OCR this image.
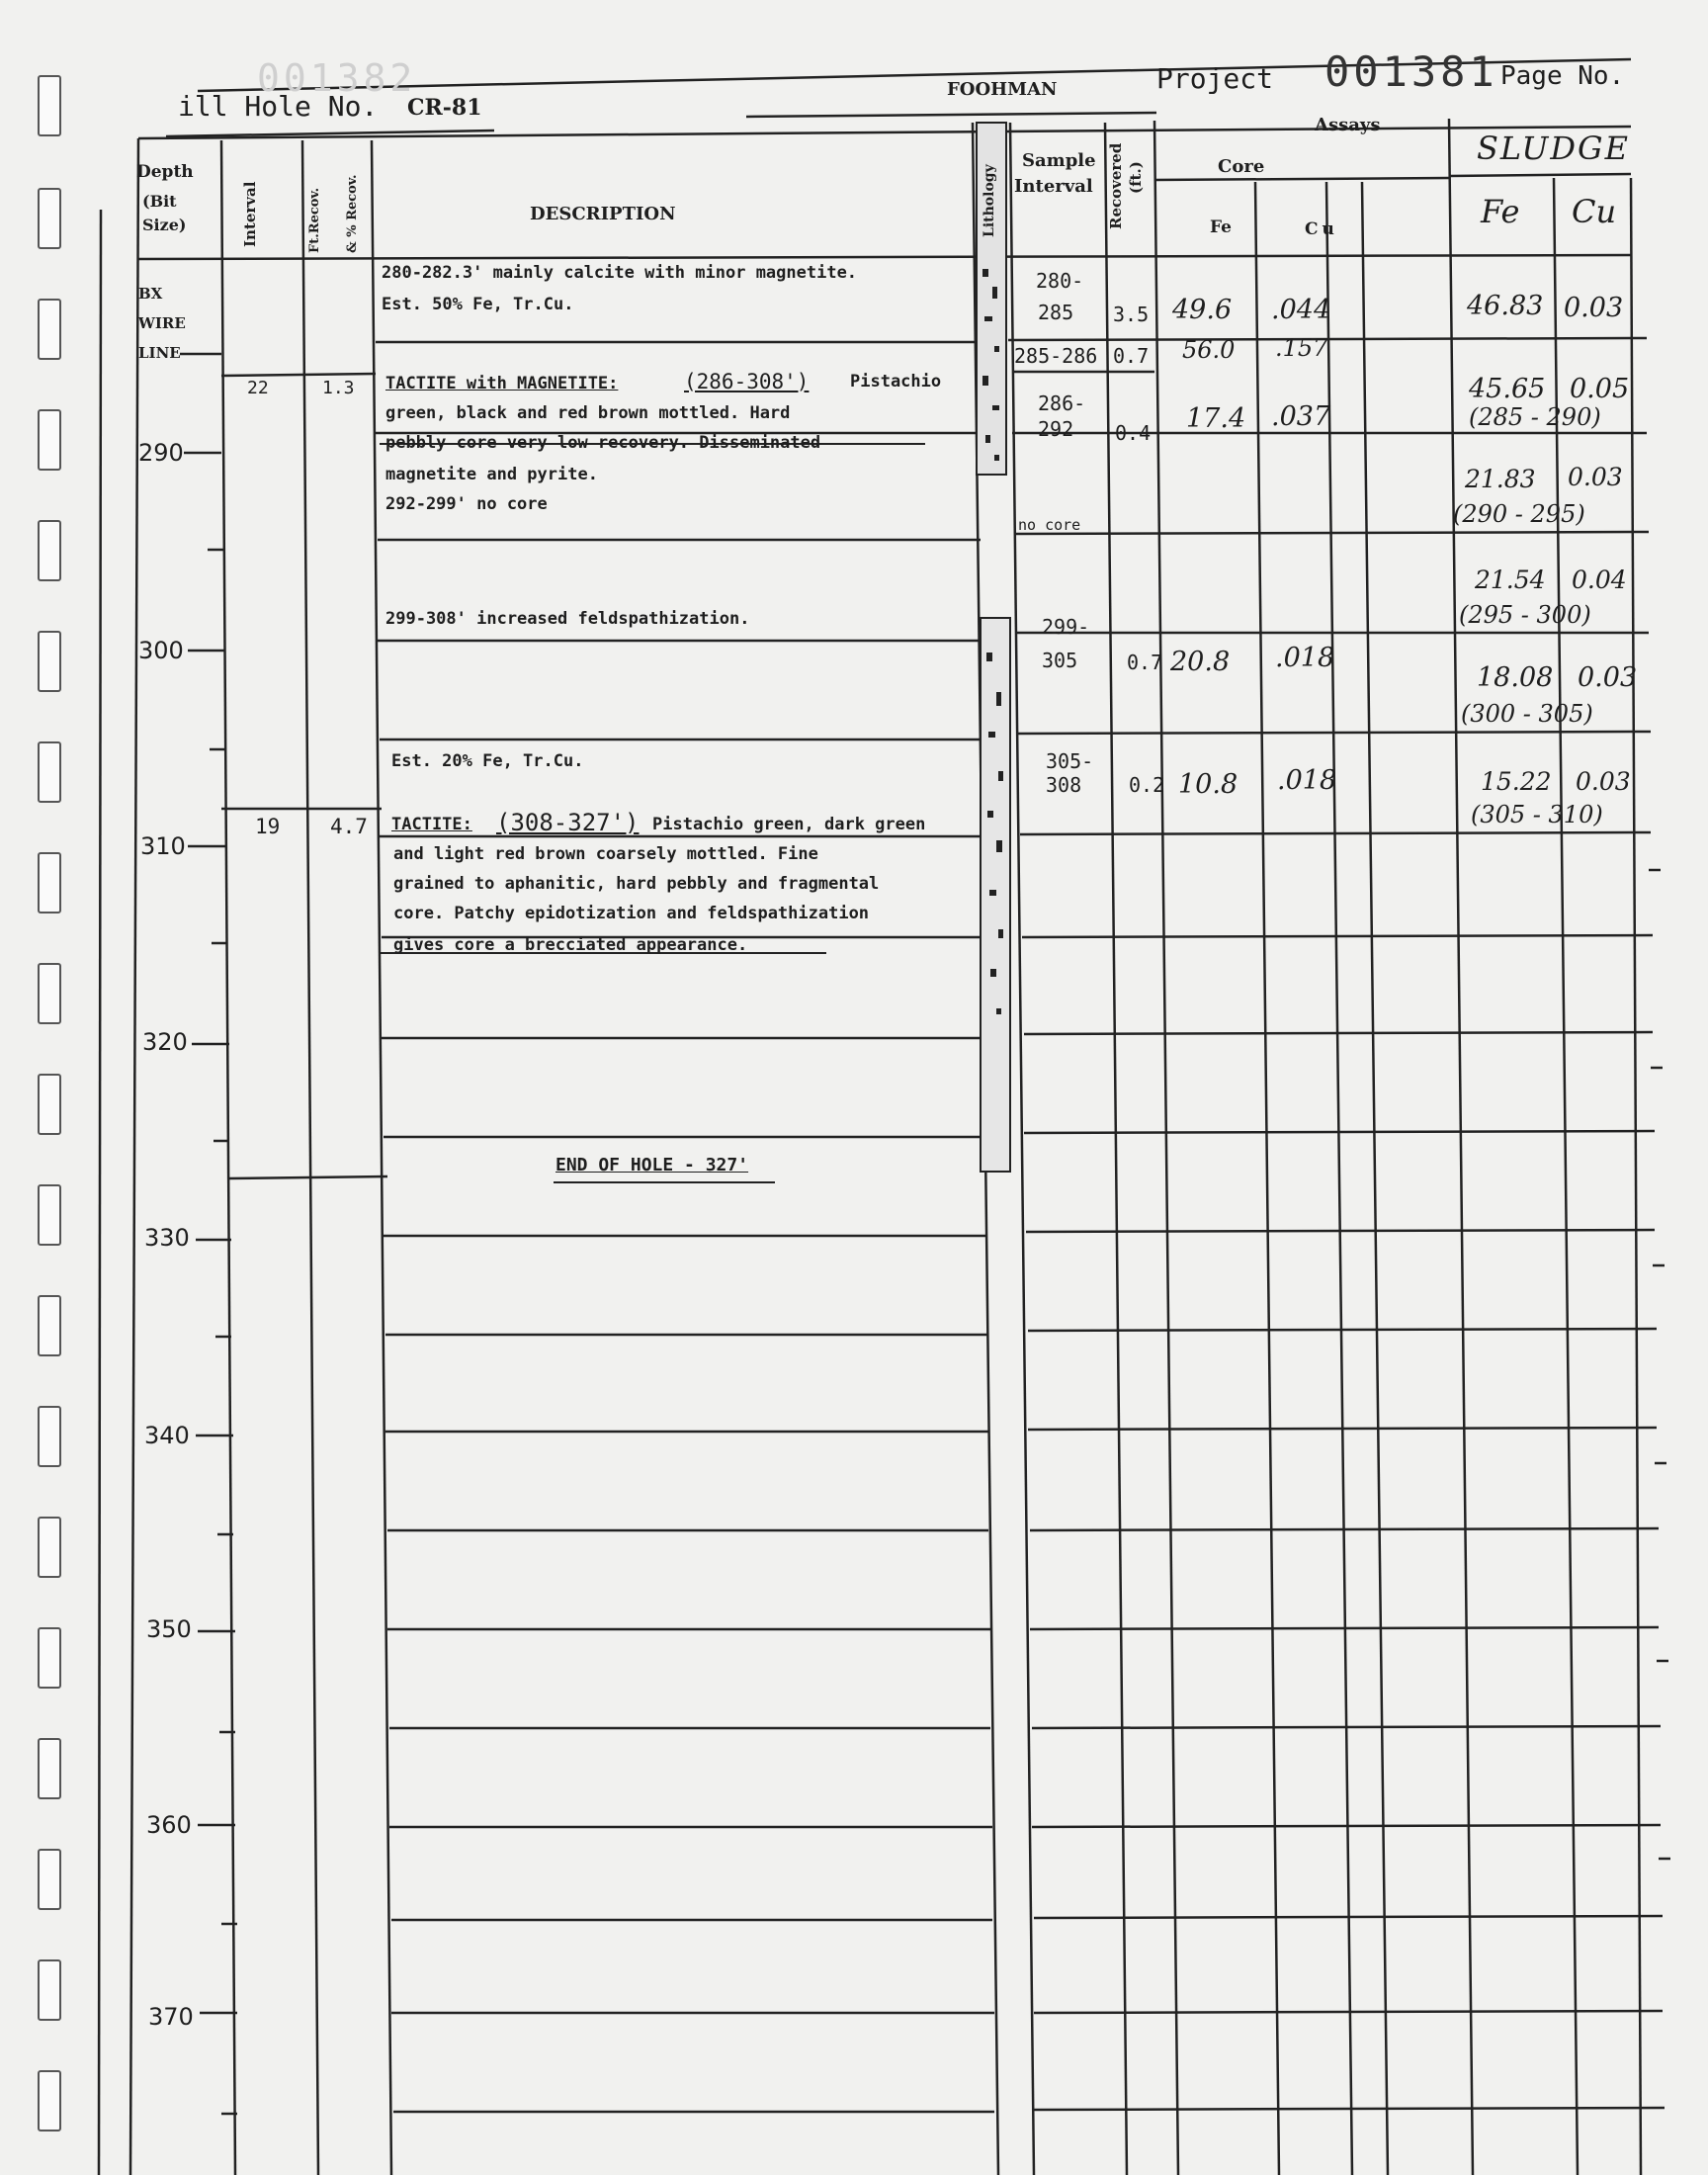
001382
ill Hole No. CR-81
FOOHMAN	Project 001381 Page No.
Depth
(Bit Size)	Interval	Ft.Recov. & % Recov.	DESCRIPTION	Lithology
Sample
Interval Recovered (ft.)
Assays
Core
Fe	Cu
SLUDGE
Fe Cu
BX
WIRE
LINE
290
300
310
320
330
340
350
360
370
22	1.3
19 4.7
280-282.3' mainly calcite with minor magnetite.
Est. 50% Fe, Tr.Cu.
TACTITE with MAGNETITE:	(286-308') Pistachio
green, black and red brown mottled. Hard
pebbly core very low recovery. Disseminated
magnetite and pyrite.
292-299' no core
299-308' increased feldspathization.
Est. 20% Fe, Tr.Cu.
TACTITE: (308-327') Pistachio green, dark green
and light red brown coarsely mottled. Fine
grained to aphanitic, hard pebbly and fragmental
core. Patchy epidotization and feldspathization
gives core a brecciated appearance.
END OF HOLE - 327'
280-
285 3.5 49.6 .044
285-286 0.7 56.0 .157
286-
292 0.4 17.4 .037
no core
299-
305 0.7 20.8 .018
305-
308 0.2 10.8 .018
46.83 0.03
45.65 0.05
(285 - 290)
21.83 0.03
(290 - 295)
21.54 0.04
(295 - 300)
18.08 0.03
(300 - 305)
15.22 0.03
(305 - 310)
